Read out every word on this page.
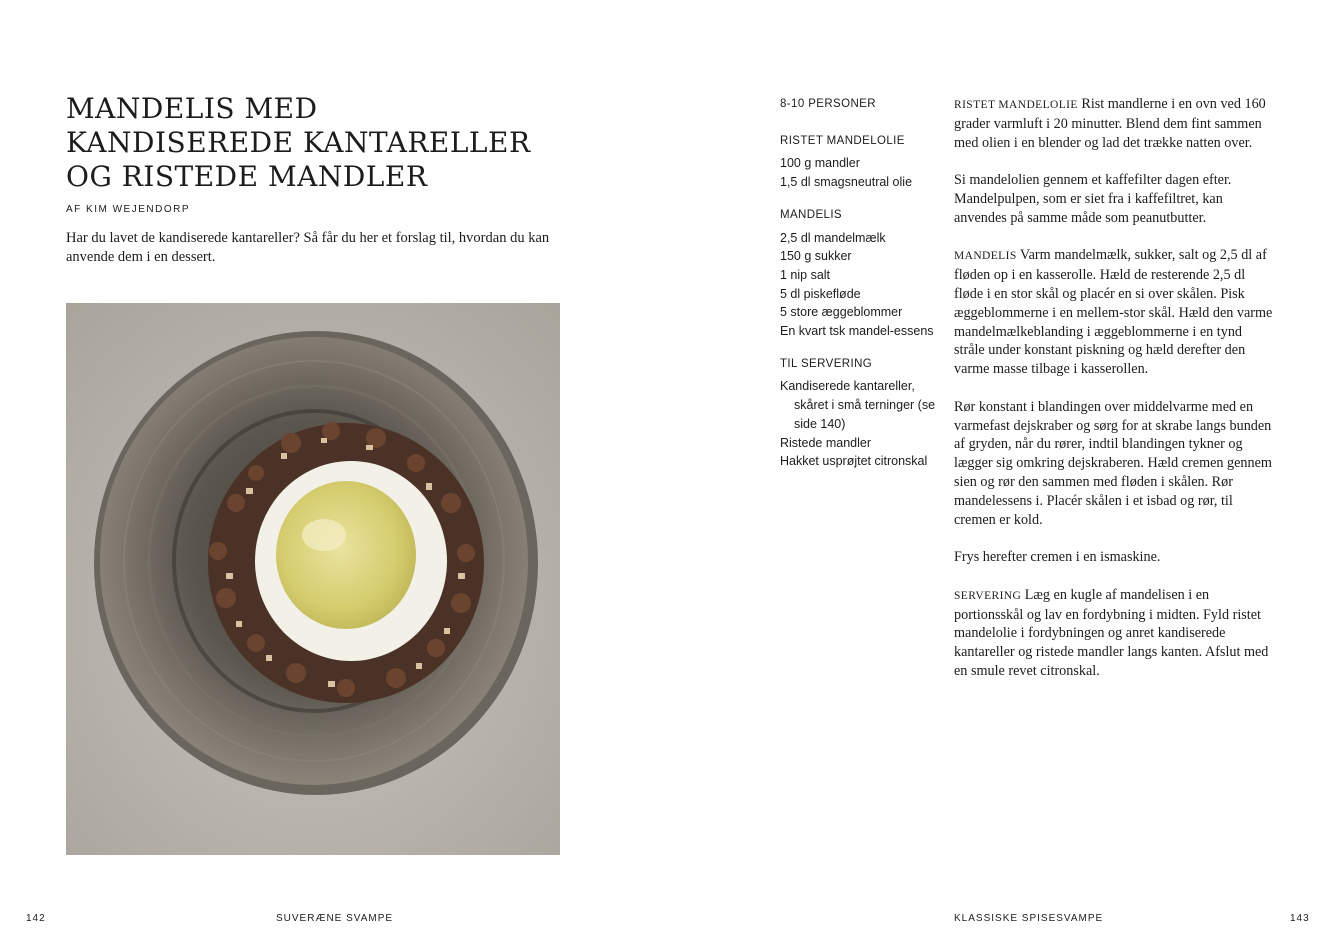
MANDELIS MED KANDISEREDE KANTARELLER OG RISTEDE MANDLER

AF KIM WEJENDORP

Har du lavet de kandiserede kantareller? Så får du her et forslag til, hvordan du kan anvende dem i en dessert.

8-10 PERSONER

RISTET MANDELOLIE

100 g mandler
1,5 dl smagsneutral olie

MANDELIS

2,5 dl mandelmælk
150 g sukker
1 nip salt
5 dl piskefløde
5 store æggeblommer
En kvart tsk mandel-essens

TIL SERVERING

Kandiserede kantareller, skåret i små terninger (se side 140)
Ristede mandler
Hakket usprøjtet citronskal

RISTET MANDELOLIE Rist mandlerne i en ovn ved 160 grader varmluft i 20 minutter. Blend dem fint sammen med olien i en blender og lad det trække natten over.

Si mandelolien gennem et kaffefilter dagen efter. Mandelpulpen, som er siet fra i kaffefiltret, kan anvendes på samme måde som peanutbutter.

MANDELIS Varm mandelmælk, sukker, salt og 2,5 dl af fløden op i en kasserolle. Hæld de resterende 2,5 dl fløde i en stor skål og placér en si over skålen. Pisk æggeblommerne i en mellem-stor skål. Hæld den varme mandelmælkeblanding i æggeblommerne i en tynd stråle under konstant piskning og hæld derefter den varme masse tilbage i kasserollen.

Rør konstant i blandingen over middelvarme med en varmefast dejskraber og sørg for at skrabe langs bunden af gryden, når du rører, indtil blandingen tykner og lægger sig omkring dejskraberen. Hæld cremen gennem sien og rør den sammen med fløden i skålen. Rør mandelessens i. Placér skålen i et isbad og rør, til cremen er kold.

Frys herefter cremen i en ismaskine.

SERVERING Læg en kugle af mandelisen i en portionsskål og lav en fordybning i midten. Fyld ristet mandelolie i fordybningen og anret kandiserede kantareller og ristede mandler langs kanten. Afslut med en smule revet citronskal.

142	SUVERÆNE SVAMPE	KLASSISKE SPISESVAMPE	143
